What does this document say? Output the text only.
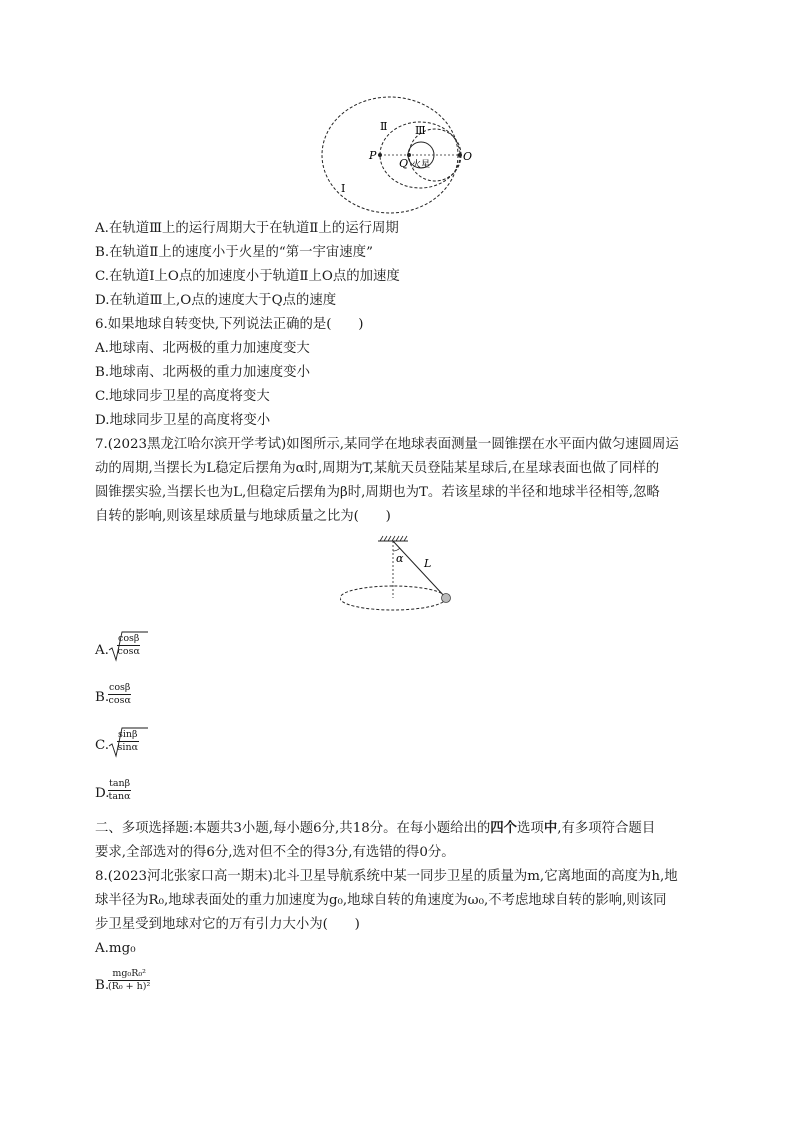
Ⅰ
Ⅱ	Ⅲ
P
Q
O
火星
A.在轨道Ⅲ上的运行周期大于在轨道Ⅱ上的运行周期
B.在轨道Ⅱ上的速度小于火星的“第一宇宙速度”
C.在轨道Ⅰ上O点的加速度小于轨道Ⅱ上O点的加速度
D.在轨道Ⅲ上,O点的速度大于Q点的速度
6.如果地球自转变快,下列说法正确的是(　　)
A.地球南、北两极的重力加速度变大
B.地球南、北两极的重力加速度变小
C.地球同步卫星的高度将变大
D.地球同步卫星的高度将变小
7.(2023黑龙江哈尔滨开学考试)如图所示,某同学在地球表面测量一圆锥摆在水平面内做匀速圆周运
动的周期,当摆长为L稳定后摆角为α时,周期为T,某航天员登陆某星球后,在星球表面也做了同样的
圆锥摆实验,当摆长也为L,但稳定后摆角为β时,周期也为T。若该星球的半径和地球半径相等,忽略
自转的影响,则该星球质量与地球质量之比为(　　)
α L
A. $\frac{\cos\beta}{\cos\alpha}$
B.
$\frac{\cos\beta}{\cos\alpha}$
C. $\frac{\sin\beta}{\sin\alpha}$
D.
$\frac{\tan\beta}{\tan\alpha}$
二、多项选择题:本题共3小题,每小题6分,共18分。在每小题给出的四个选项中,有多项符合题目
要求,全部选对的得6分,选对但不全的得3分,有选错的得0分。
8.(2023河北张家口高一期末)北斗卫星导航系统中某一同步卫星的质量为m,它离地面的高度为h,地
球半径为R₀,地球表面处的重力加速度为g₀,地球自转的角速度为ω₀,不考虑地球自转的影响,则该同
步卫星受到地球对它的万有引力大小为(　　)
A.mg₀
B.
$\frac{\text{mg₀R₀²}}{\text{(R₀ + h)²}}$
